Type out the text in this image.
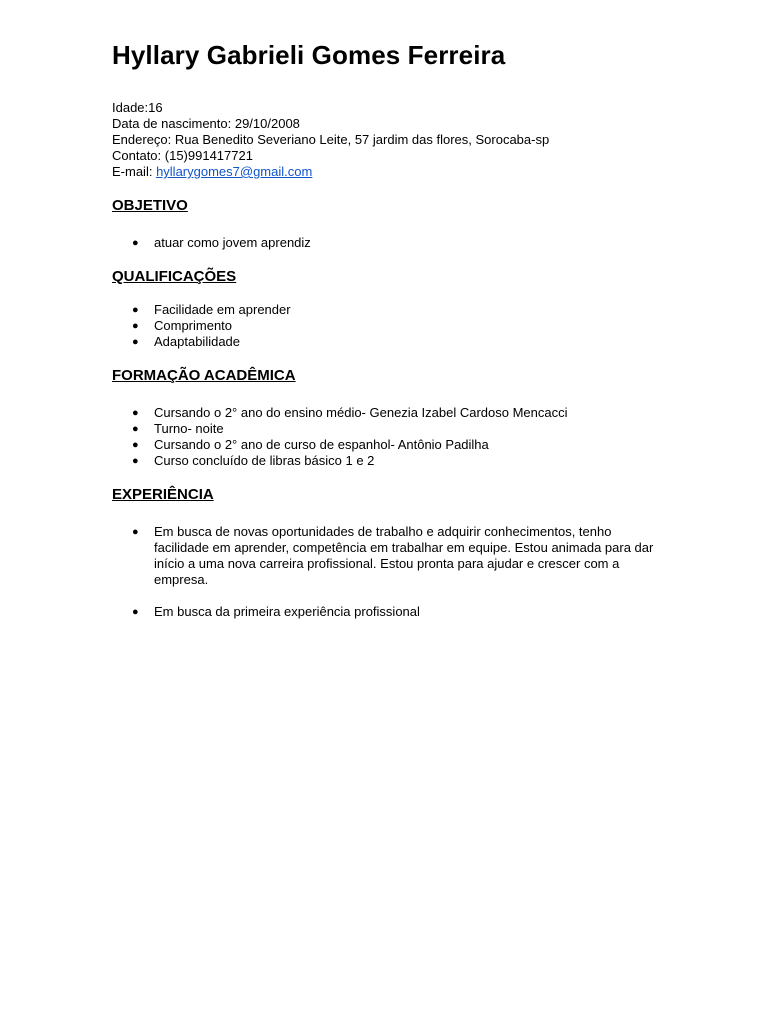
Hyllary Gabrieli Gomes Ferreira
Idade:16
Data de nascimento: 29/10/2008
Endereço: Rua Benedito Severiano Leite, 57 jardim das flores, Sorocaba-sp
Contato: (15)991417721
E-mail: hyllarygomes7@gmail.com
OBJETIVO
● atuar como jovem aprendiz
QUALIFICAÇÕES
● Facilidade em aprender
● Comprimento
● Adaptabilidade
FORMAÇÃO ACADÊMICA
● Cursando o 2° ano do ensino médio- Genezia Izabel Cardoso Mencacci
● Turno- noite
● Cursando o 2° ano de curso de espanhol- Antônio Padilha
● Curso concluído de libras básico 1 e 2
EXPERIÊNCIA
● Em busca de novas oportunidades de trabalho e adquirir conhecimentos, tenho facilidade em aprender, competência em trabalhar em equipe. Estou animada para dar início a uma nova carreira profissional. Estou pronta para ajudar e crescer com a empresa.
● Em busca da primeira experiência profissional
